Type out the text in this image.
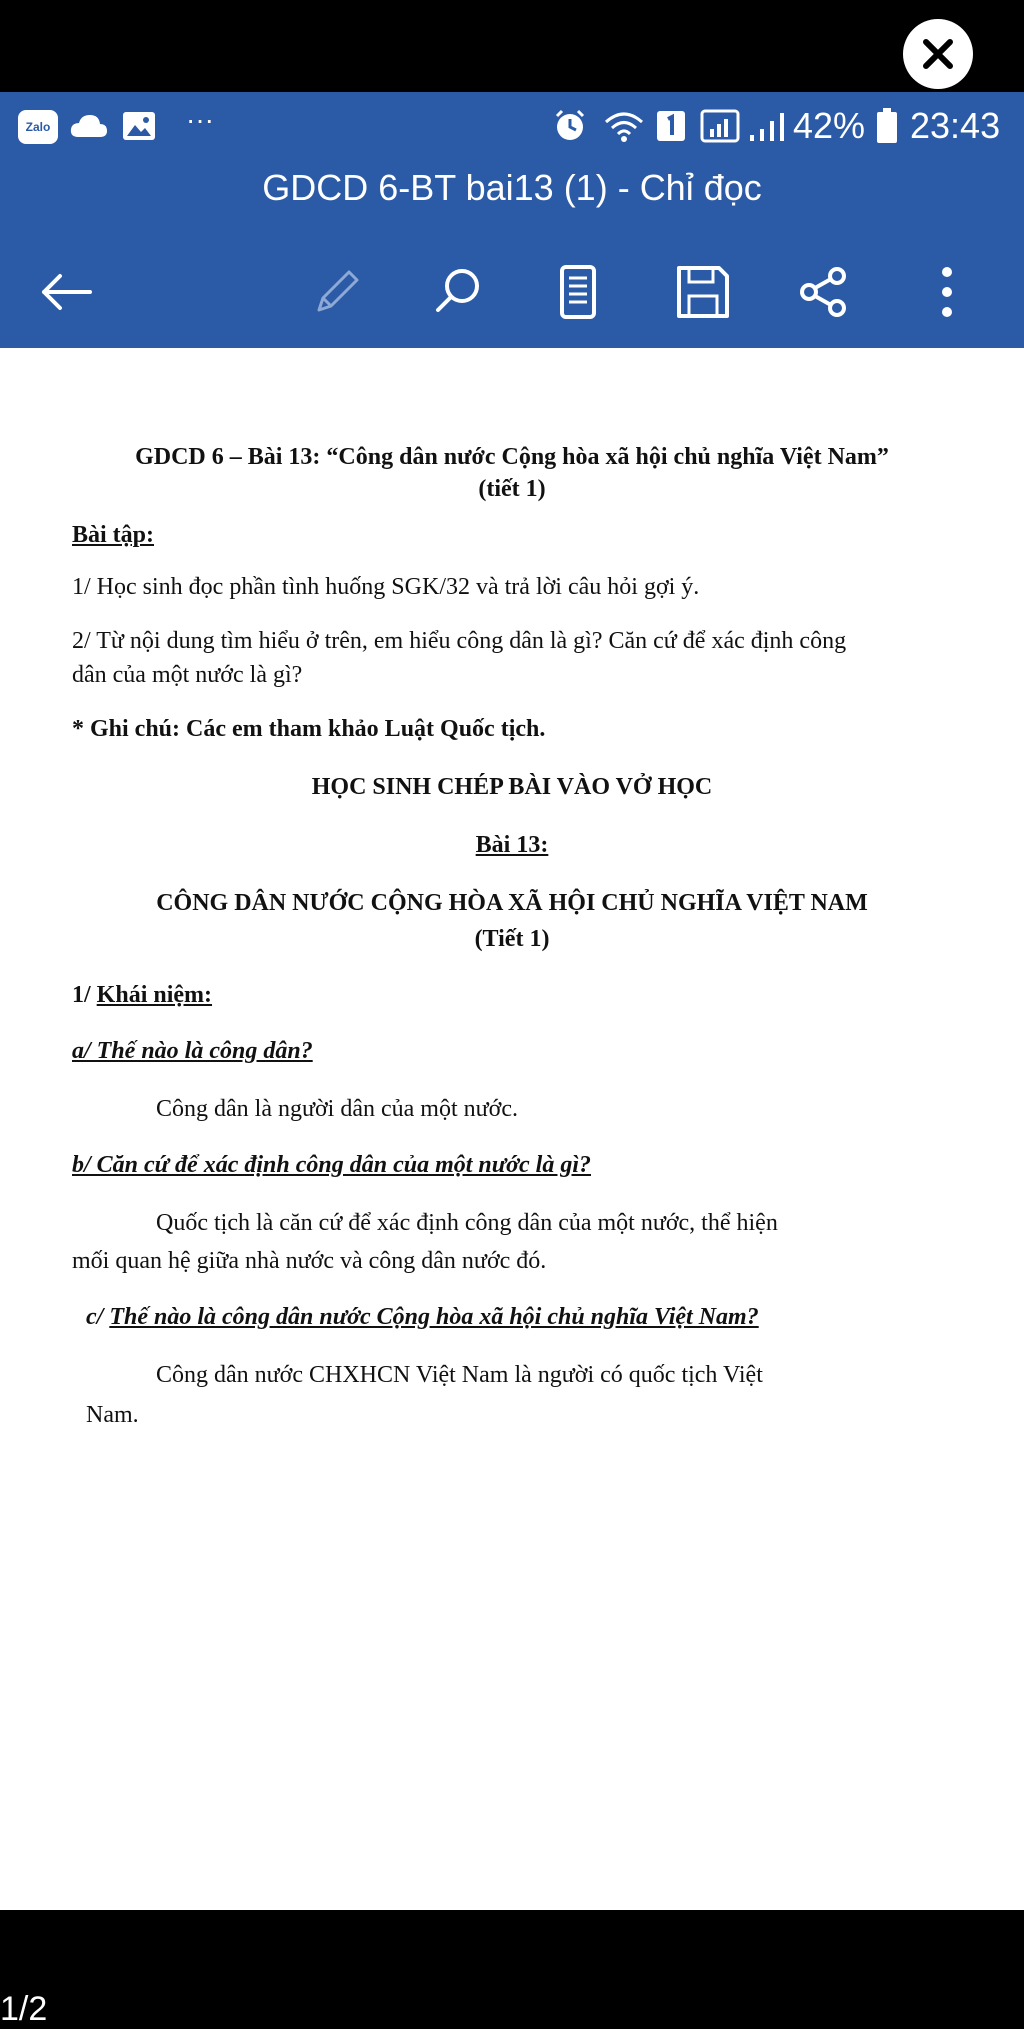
Zalo	···	42% 23:43
GDCD 6-BT bai13 (1) - Chỉ đọc
GDCD 6 – Bài 13: “Công dân nước Cộng hòa xã hội chủ nghĩa Việt Nam”
(tiết 1)
Bài tập:
1/ Học sinh đọc phần tình huống SGK/32 và trả lời câu hỏi gợi ý.
2/ Từ nội dung tìm hiểu ở trên, em hiểu công dân là gì? Căn cứ để xác định công
dân của một nước là gì?
* Ghi chú: Các em tham khảo Luật Quốc tịch.
HỌC SINH CHÉP BÀI VÀO VỞ HỌC
Bài 13:
CÔNG DÂN NƯỚC CỘNG HÒA XÃ HỘI CHỦ NGHĨA VIỆT NAM
(Tiết 1)
1/ Khái niệm:
a/ Thế nào là công dân?
Công dân là người dân của một nước.
b/ Căn cứ để xác định công dân của một nước là gì?
Quốc tịch là căn cứ để xác định công dân của một nước, thể hiện
mối quan hệ giữa nhà nước và công dân nước đó.
c/ Thế nào là công dân nước Cộng hòa xã hội chủ nghĩa Việt Nam?
Công dân nước CHXHCN Việt Nam là người có quốc tịch Việt
Nam.
1/2
